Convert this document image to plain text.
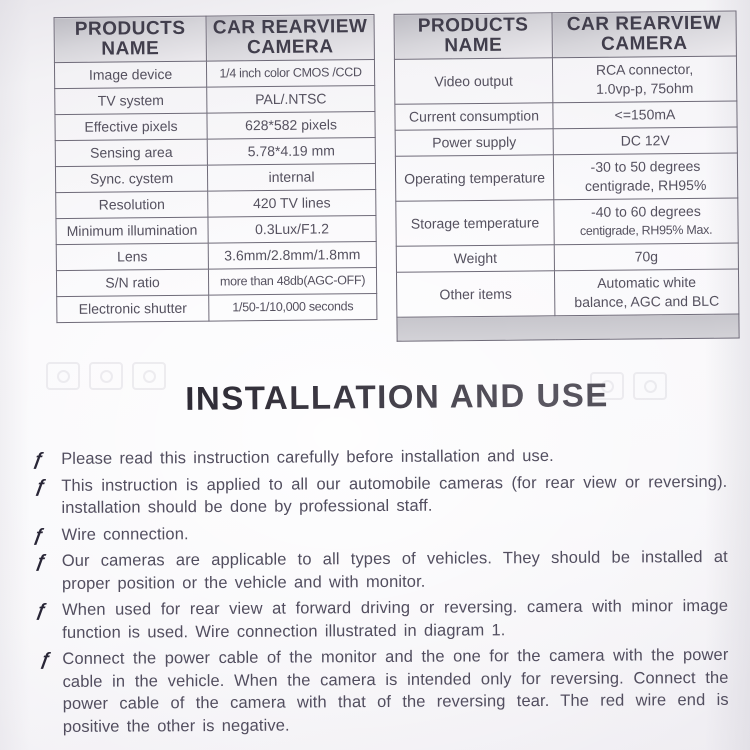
PRODUCTS
NAME	CAR REARVIEW
CAMERA

Image device	1/4 inch color CMOS /CCD

TV system	PAL/.NTSC

Effective pixels	628*582 pixels

Sensing area	5.78*4.19 mm

Sync. cystem	internal

Resolution	420 TV lines

Minimum illumination	0.3Lux/F1.2

Lens	3.6mm/2.8mm/1.8mm

S/N ratio	more than 48db(AGC-OFF)

Electronic shutter	1/50-1/10,000 seconds
PRODUCTS
NAME	CAR REARVIEW
CAMERA

Video output	RCA connector,
1.0vp-p, 75ohm

Current consumption	<=150mA

Power supply	DC 12V

Operating temperature	-30 to 50 degrees
centigrade, RH95%

Storage temperature	-40 to 60 degrees
centigrade, RH95% Max.

Weight	70g

Other items	Automatic white
balance, AGC and BLC

INSTALLATION AND USE
ƒ Please read this instruction carefully before installation and use.
ƒ This instruction is applied to all our automobile cameras (for rear view or reversing). installation should be done by professional staff.
ƒ Wire connection.
ƒ Our cameras are applicable to all types of vehicles. They should be installed at proper position or the vehicle and with monitor.
ƒ When used for rear view at forward driving or reversing. camera with minor image function is used. Wire connection illustrated in diagram 1.
ƒ Connect the power cable of the monitor and the one for the camera with the power cable in the vehicle. When the camera is intended only for reversing. Connect the power cable of the camera with that of the reversing tear. The red wire end is positive the other is negative.
